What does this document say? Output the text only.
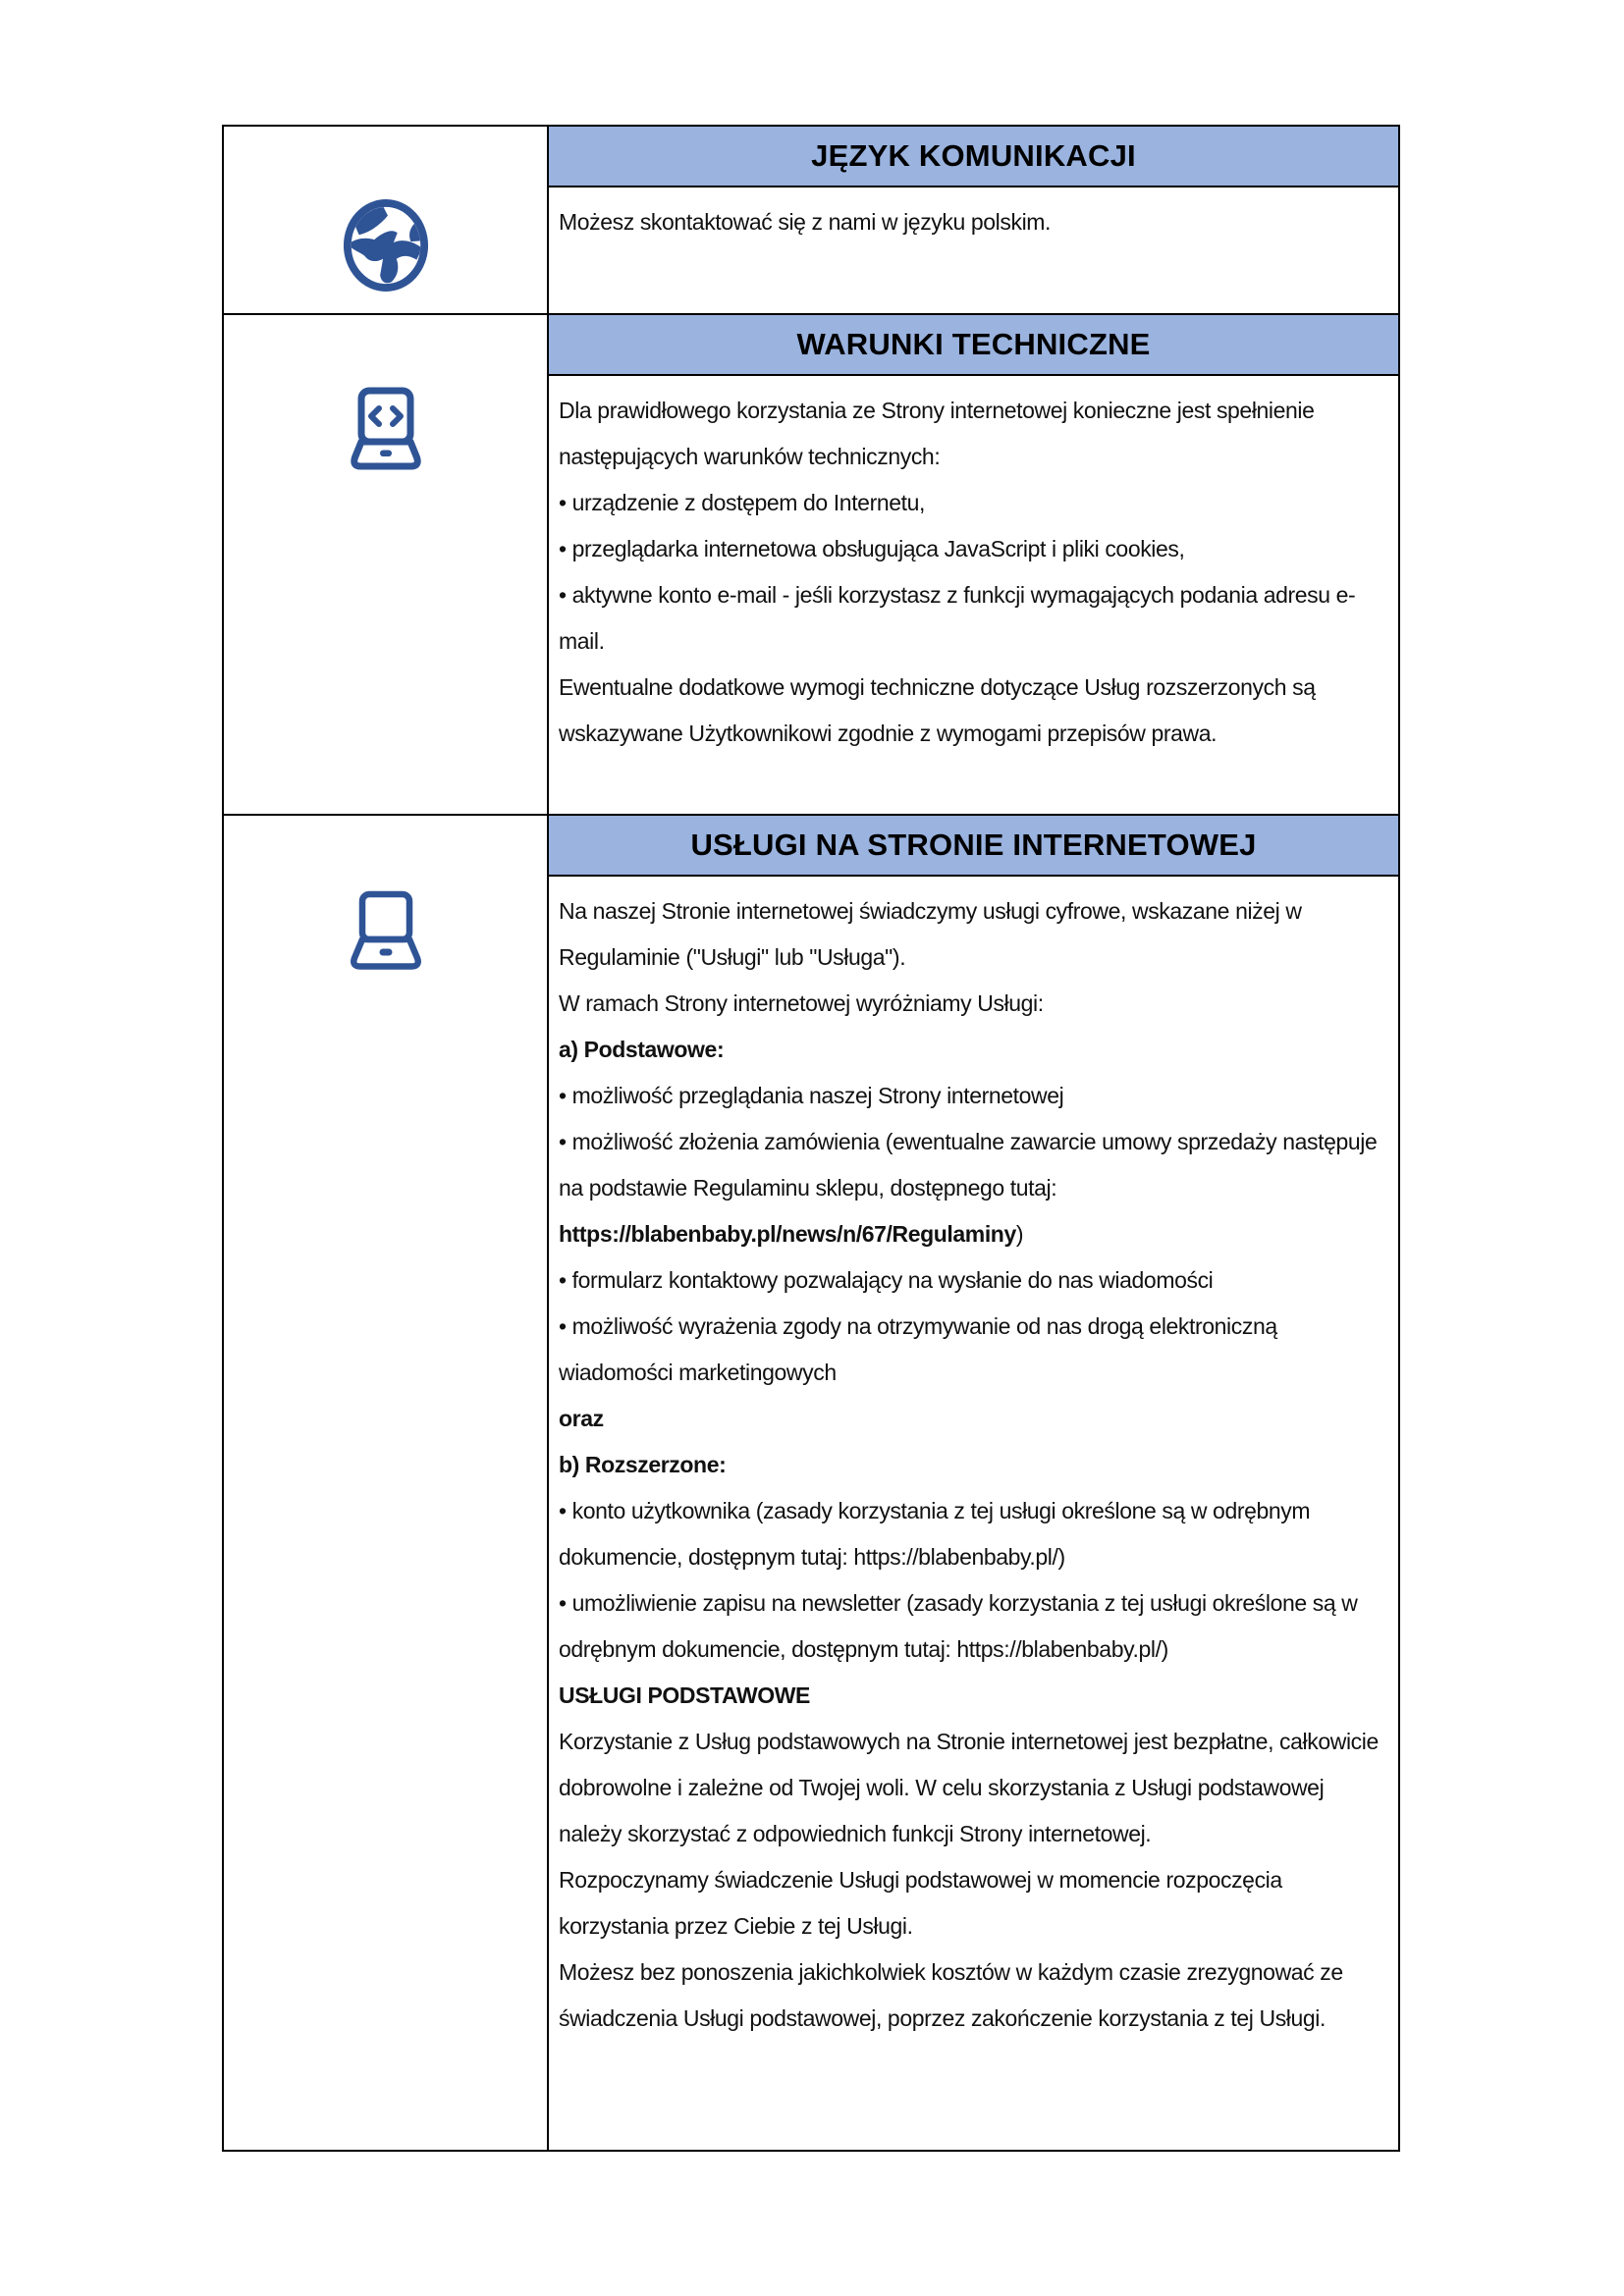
JĘZYK KOMUNIKACJI

Możesz skontaktować się z nami w języku polskim.

WARUNKI TECHNICZNE

Dla prawidłowego korzystania ze Strony internetowej konieczne jest spełnienie następujących warunków technicznych:

• urządzenie z dostępem do Internetu,

• przeglądarka internetowa obsługująca JavaScript i pliki cookies,

• aktywne konto e-mail - jeśli korzystasz z funkcji wymagających podania adresu e-mail.

Ewentualne dodatkowe wymogi techniczne dotyczące Usług rozszerzonych są wskazywane Użytkownikowi zgodnie z wymogami przepisów prawa.

USŁUGI NA STRONIE INTERNETOWEJ

Na naszej Stronie internetowej świadczymy usługi cyfrowe, wskazane niżej w Regulaminie ("Usługi" lub "Usługa").

W ramach Strony internetowej wyróżniamy Usługi:

a) Podstawowe:

• możliwość przeglądania naszej Strony internetowej

• możliwość złożenia zamówienia (ewentualne zawarcie umowy sprzedaży następuje na podstawie Regulaminu sklepu, dostępnego tutaj: https://blabenbaby.pl/news/n/67/Regulaminy)

• formularz kontaktowy pozwalający na wysłanie do nas wiadomości

• możliwość wyrażenia zgody na otrzymywanie od nas drogą elektroniczną wiadomości marketingowych

oraz

b) Rozszerzone:

• konto użytkownika (zasady korzystania z tej usługi określone są w odrębnym dokumencie, dostępnym tutaj: https://blabenbaby.pl/)

• umożliwienie zapisu na newsletter (zasady korzystania z tej usługi określone są w odrębnym dokumencie, dostępnym tutaj: https://blabenbaby.pl/)

USŁUGI PODSTAWOWE

Korzystanie z Usług podstawowych na Stronie internetowej jest bezpłatne, całkowicie dobrowolne i zależne od Twojej woli. W celu skorzystania z Usługi podstawowej należy skorzystać z odpowiednich funkcji Strony internetowej.

Rozpoczynamy świadczenie Usługi podstawowej w momencie rozpoczęcia korzystania przez Ciebie z tej Usługi.

Możesz bez ponoszenia jakichkolwiek kosztów w każdym czasie zrezygnować ze świadczenia Usługi podstawowej, poprzez zakończenie korzystania z tej Usługi.
